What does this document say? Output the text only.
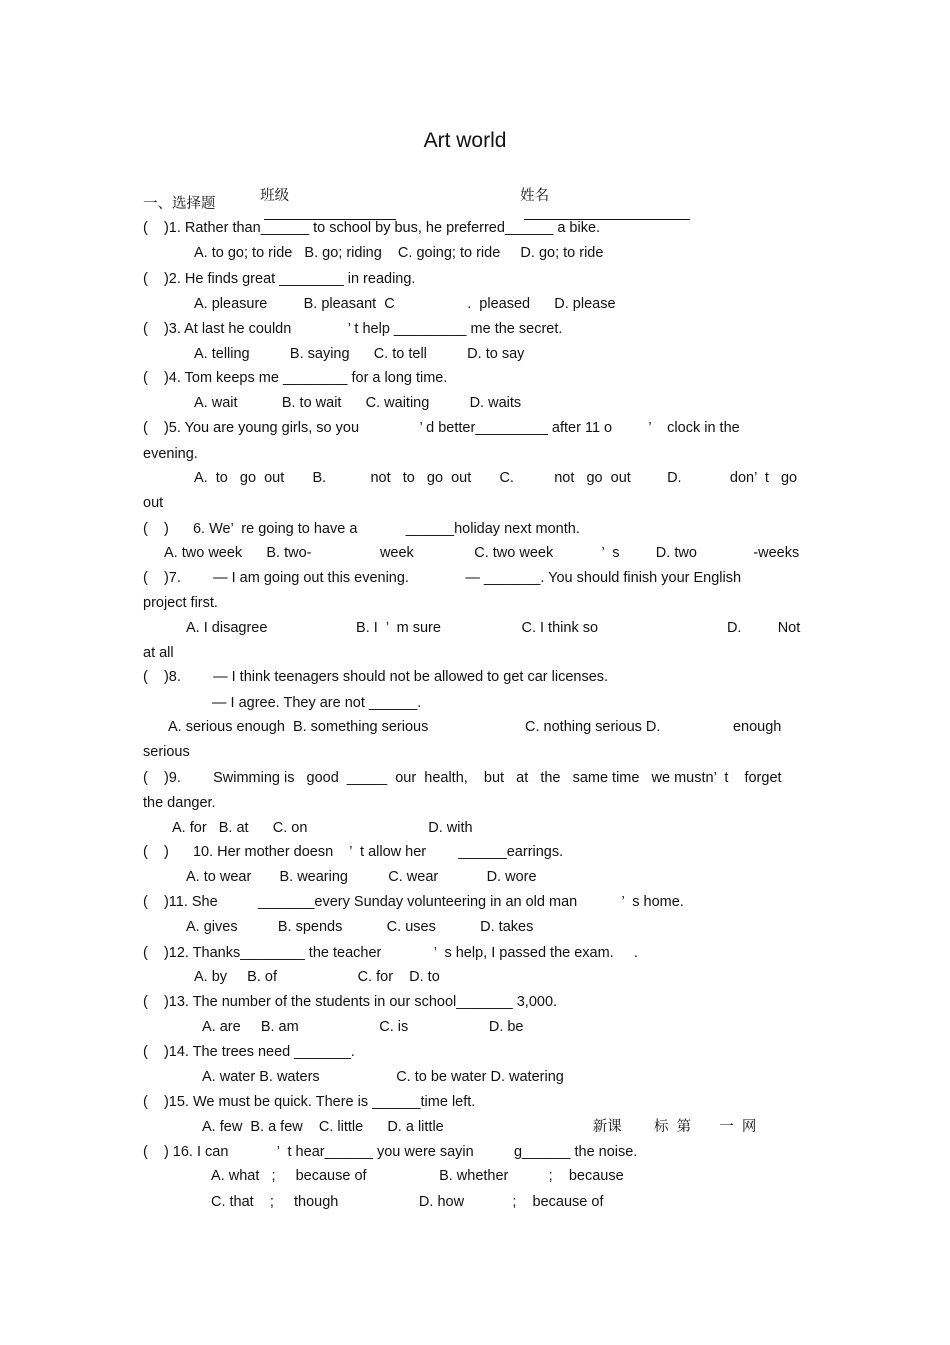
Art world

班级

	姓名

一、选择题
(    )1. Rather than______ to school by bus, he preferred______ a bike.
A. to go; to ride   B. go; riding    C. going; to ride     D. go; to ride
(    )2. He finds great ________ in reading.
A. pleasure         B. pleasant  C                  .  pleased      D. please
(    )3. At last he couldn              ’ t help _________ me the secret.
A. telling          B. saying      C. to tell          D. to say
(    )4. Tom keeps me ________ for a long time.
A. wait           B. to wait      C. waiting          D. waits
(    )5. You are young girls, so you               ’ d better_________ after 11 o         ’    clock in the
evening.
A.  to   go  out       B.           not   to   go  out       C.          not   go  out         D.            don’  t   go
out
(    )      6. We’  re going to have a            ______holiday next month.
A. two week      B. two-                 week               C. two week            ’  s         D. two              -weeks
(    )7.        — I am going out this evening.              — _______. You should finish your English
project first.
A. I disagree                      B. I  ’  m sure                    C. I think so                                D.         Not
at all
(    )8.        — I think teenagers should not be allowed to get car licenses.
— I agree. They are not ______.
A. serious enough  B. something serious                        C. nothing serious D.                  enough
serious
(    )9.        Swimming is   good  _____  our  health,    but   at   the   same time   we mustn’  t    forget
the danger.
A. for   B. at      C. on                              D. with
(    )      10. Her mother doesn    ’  t allow her        ______earrings.
A. to wear       B. wearing          C. wear            D. wore
(    )11. She          _______every Sunday volunteering in an old man           ’  s home.
A. gives          B. spends           C. uses           D. takes
(    )12. Thanks________ the teacher             ’  s help, I passed the exam.     .
A. by     B. of                    C. for    D. to
(    )13. The number of the students in our school_______ 3,000.
A. are     B. am                    C. is                    D. be
(    )14. The trees need _______.
A. water B. waters                   C. to be water D. watering
(    )15. We must be quick. There is ______time left.
A. few  B. a few    C. little      D. a little                                     新课        标  第       一  网
(    ) 16. I can            ’  t hear______ you were sayin          g______ the noise.
A. what   ;     because of                  B. whether          ;    because
C. that    ;     though                    D. how            ;    because of
